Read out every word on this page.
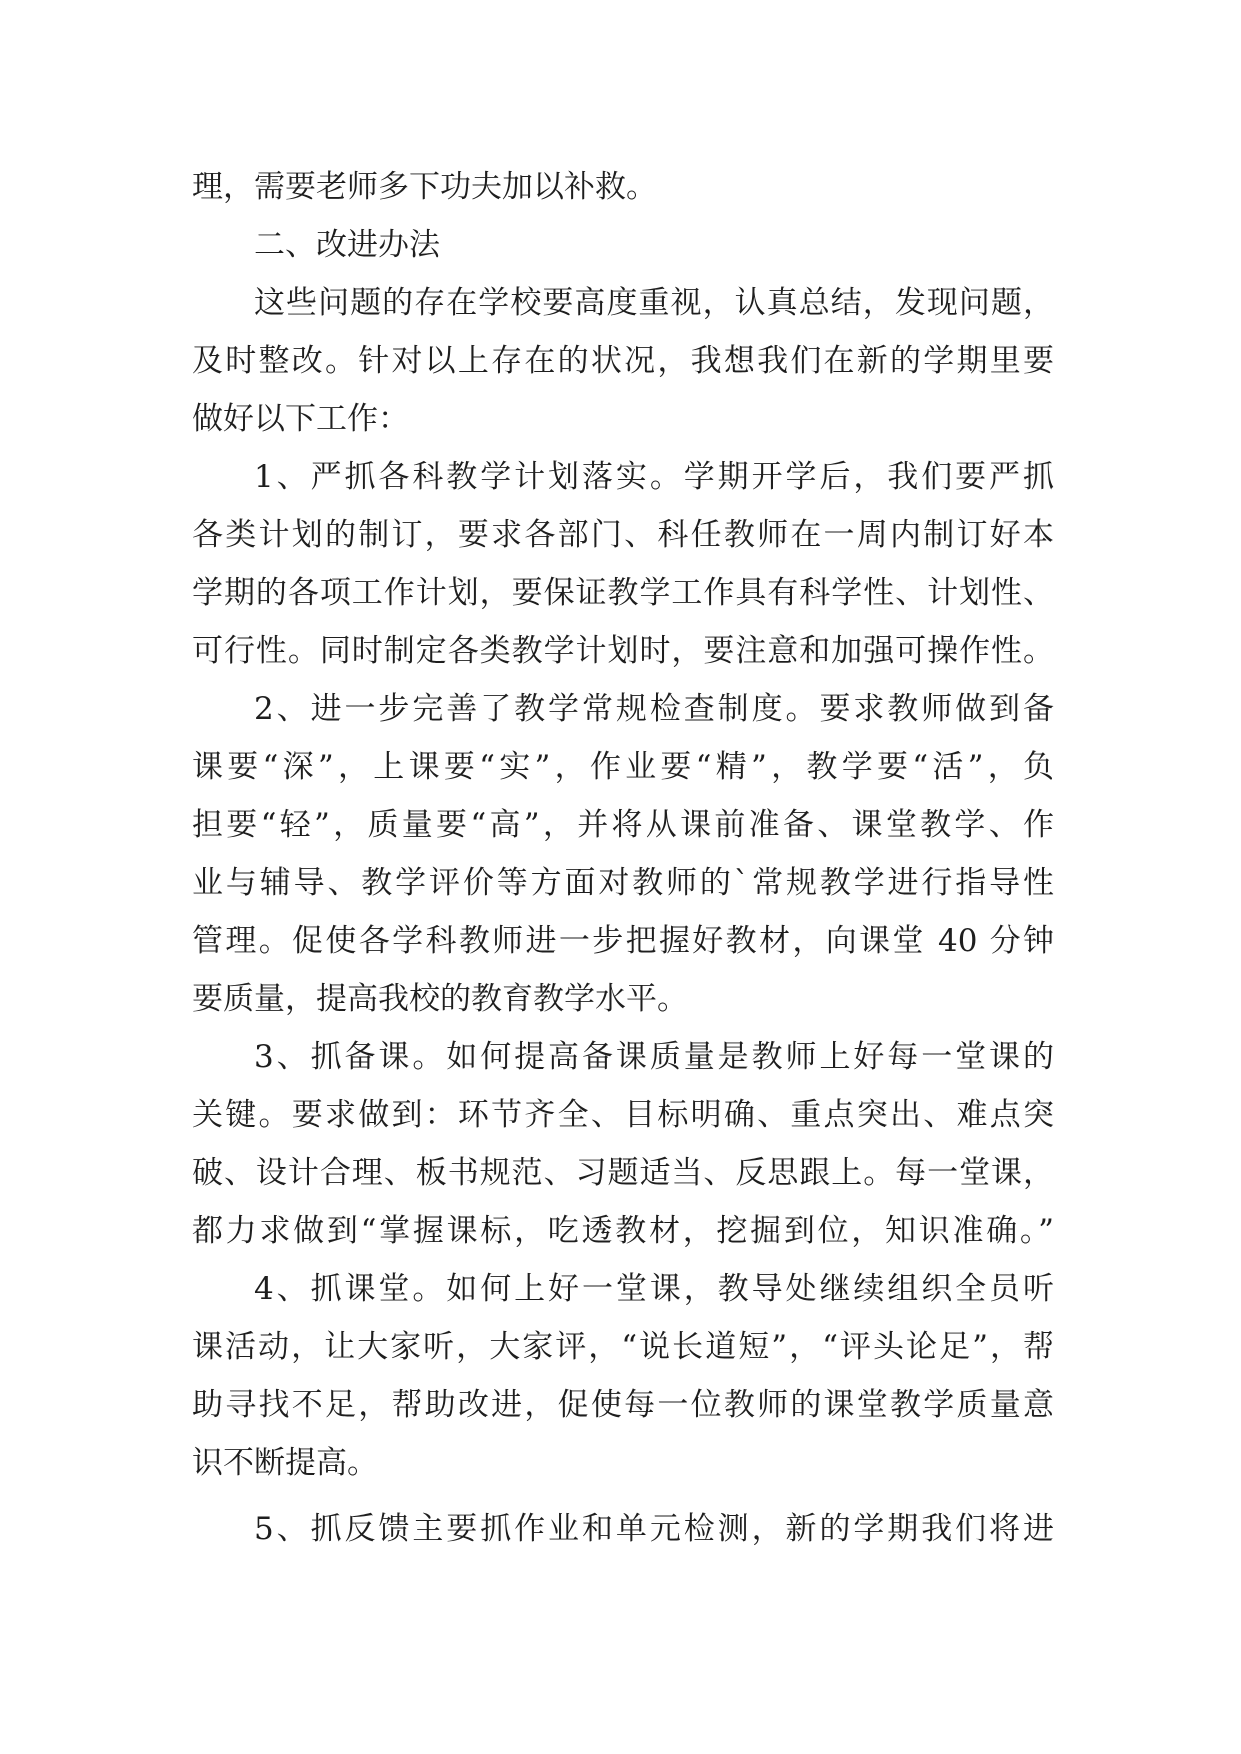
理，需要老师多下功夫加以补救。
二、改进办法
这些问题的存在学校要高度重视，认真总结，发现问题，
及时整改。针对以上存在的状况，我想我们在新的学期里要
做好以下工作：
1、严抓各科教学计划落实。学期开学后，我们要严抓
各类计划的制订，要求各部门、科任教师在一周内制订好本
学期的各项工作计划，要保证教学工作具有科学性、计划性、
可行性。同时制定各类教学计划时，要注意和加强可操作性。
2、进一步完善了教学常规检查制度。要求教师做到备
课要“深”，上课要“实”，作业要“精”，教学要“活”，负
担要“轻”，质量要“高”，并将从课前准备、课堂教学、作
业与辅导、教学评价等方面对教师的`常规教学进行指导性
管理。促使各学科教师进一步把握好教材，向课堂 40 分钟
要质量，提高我校的教育教学水平。
3、抓备课。如何提高备课质量是教师上好每一堂课的
关键。要求做到：环节齐全、目标明确、重点突出、难点突
破、设计合理、板书规范、习题适当、反思跟上。每一堂课，
都力求做到“掌握课标，吃透教材，挖掘到位，知识准确。”
4、抓课堂。如何上好一堂课，教导处继续组织全员听
课活动，让大家听，大家评，“说长道短”，“评头论足”，帮
助寻找不足，帮助改进，促使每一位教师的课堂教学质量意
识不断提高。
5、抓反馈主要抓作业和单元检测，新的学期我们将进
